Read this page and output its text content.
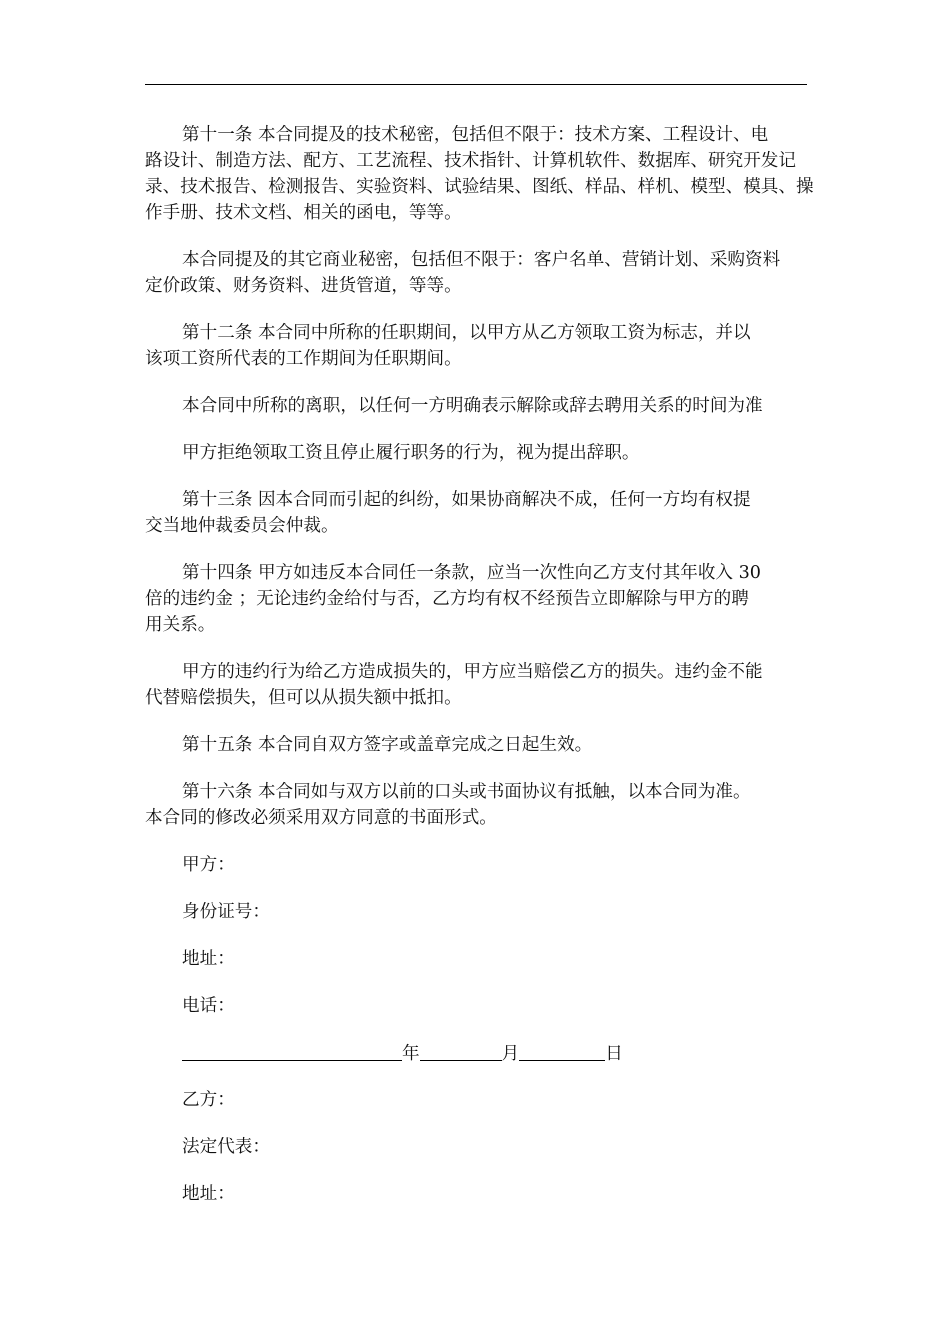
第十一条 本合同提及的技术秘密，包括但不限于：技术方案、工程设计、电
路设计、制造方法、配方、工艺流程、技术指针、计算机软件、数据库、研究开发记
录、技术报告、检测报告、实验资料、试验结果、图纸、样品、样机、模型、模具、操
作手册、技术文档、相关的函电，等等。
本合同提及的其它商业秘密，包括但不限于：客户名单、营销计划、采购资料
定价政策、财务资料、进货管道，等等。
第十二条 本合同中所称的任职期间，以甲方从乙方领取工资为标志，并以
该项工资所代表的工作期间为任职期间。
本合同中所称的离职，以任何一方明确表示解除或辞去聘用关系的时间为准
甲方拒绝领取工资且停止履行职务的行为，视为提出辞职。
第十三条 因本合同而引起的纠纷，如果协商解决不成，任何一方均有权提
交当地仲裁委员会仲裁。
第十四条 甲方如违反本合同任一条款，应当一次性向乙方支付其年收入 30
倍的违约金 ；无论违约金给付与否，乙方均有权不经预告立即解除与甲方的聘
用关系。
甲方的违约行为给乙方造成损失的，甲方应当赔偿乙方的损失。违约金不能
代替赔偿损失，但可以从损失额中抵扣。
第十五条 本合同自双方签字或盖章完成之日起生效。
第十六条 本合同如与双方以前的口头或书面协议有抵触，以本合同为准。
本合同的修改必须采用双方同意的书面形式。
甲方：
身份证号：
地址：
电话：
年	月	日
乙方：
法定代表：
地址：
